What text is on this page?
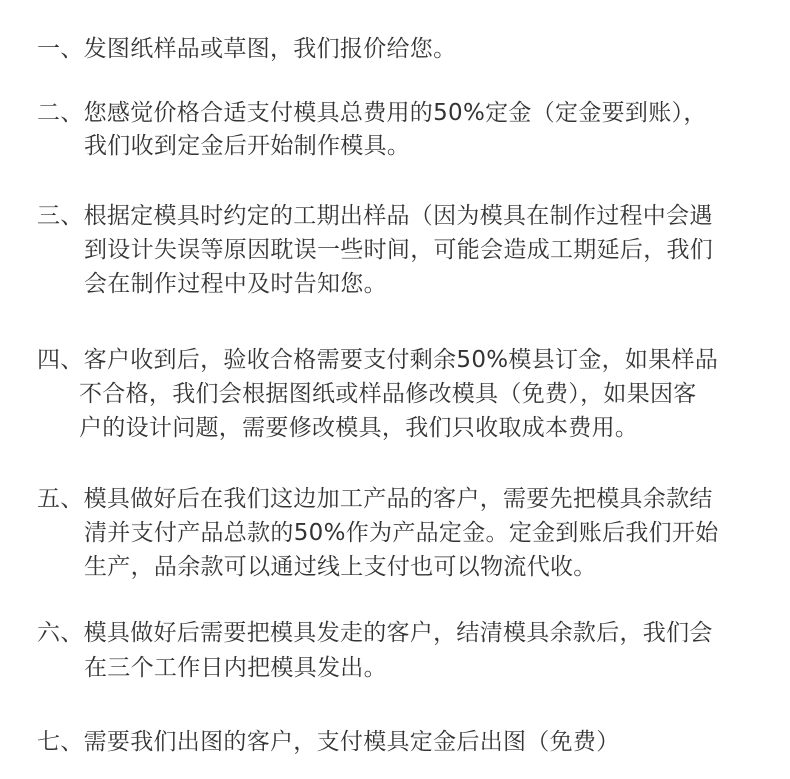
一、发图纸样品或草图，我们报价给您。
二、您感觉价格合适支付模具总费用的50%定金（定金要到账），
我们收到定金后开始制作模具。
三、根据定模具时约定的工期出样品（因为模具在制作过程中会遇
到设计失误等原因耽误一些时间，可能会造成工期延后，我们
会在制作过程中及时告知您。
四、客户收到后，验收合格需要支付剩余50%模县订金，如果样品
不合格，我们会根据图纸或样品修改模具（免费），如果因客
户的设计问题，需要修改模具，我们只收取成本费用。
五、模具做好后在我们这边加工产品的客户，需要先把模具余款结
清并支付产品总款的50%作为产品定金。定金到账后我们开始
生产，品余款可以通过线上支付也可以物流代收。
六、模具做好后需要把模具发走的客户，结清模具余款后，我们会
在三个工作日内把模具发出。
七、需要我们出图的客户，支付模具定金后出图（免费）
